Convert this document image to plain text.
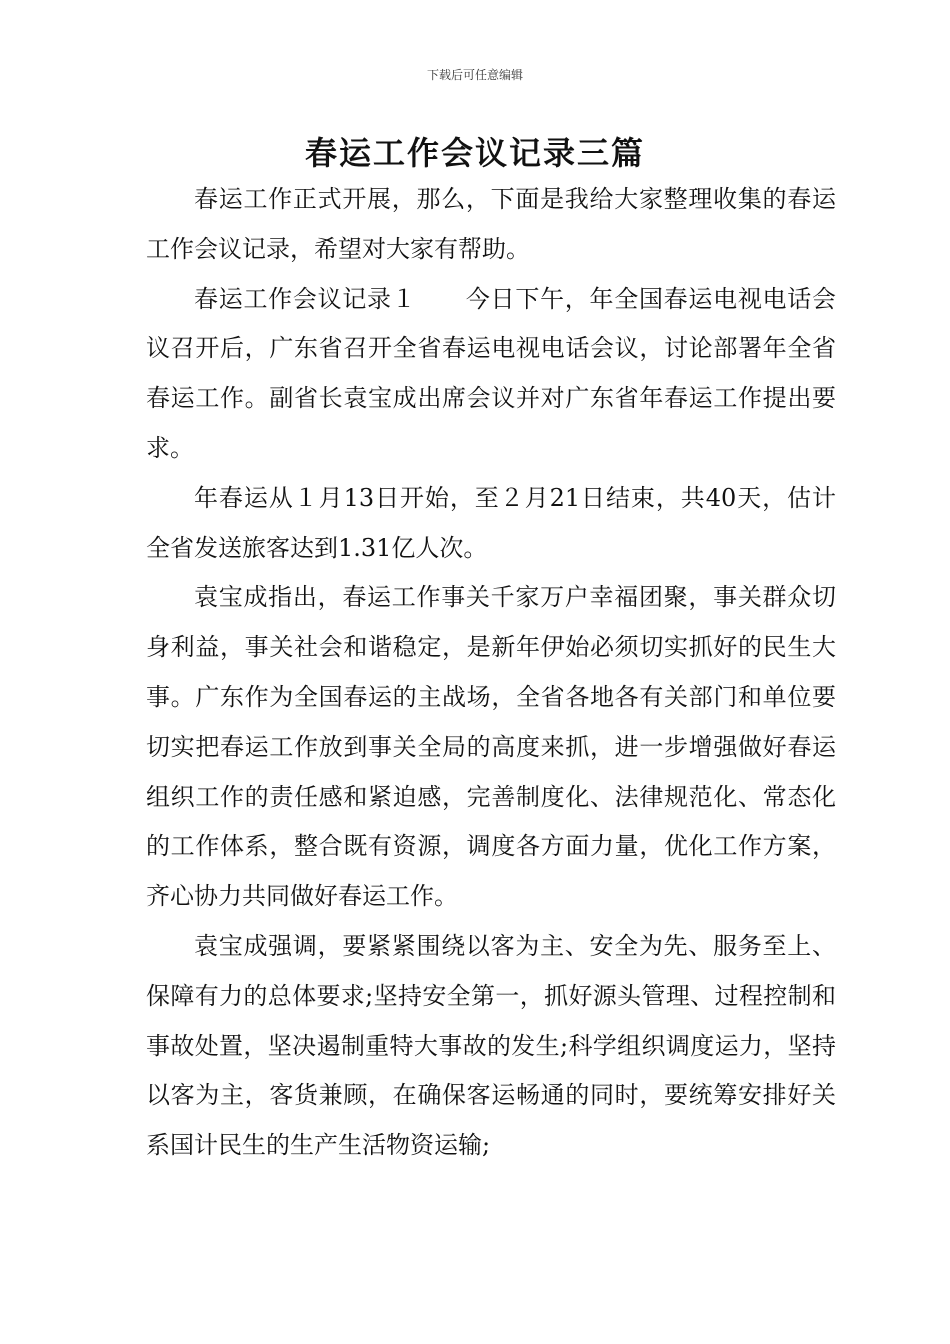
下载后可任意编辑
春运工作会议记录三篇

春运工作正式开展，那么，下面是我给大家整理收集的春运工作会议记录，希望对大家有帮助。

春运工作会议记录１　　今日下午，年全国春运电视电话会议召开后，广东省召开全省春运电视电话会议，讨论部署年全省春运工作。副省长袁宝成出席会议并对广东省年春运工作提出要求。

年春运从１月13日开始，至２月21日结束，共40天，估计全省发送旅客达到1.31亿人次。

袁宝成指出，春运工作事关千家万户幸福团聚，事关群众切身利益，事关社会和谐稳定，是新年伊始必须切实抓好的民生大事。广东作为全国春运的主战场，全省各地各有关部门和单位要切实把春运工作放到事关全局的高度来抓，进一步增强做好春运组织工作的责任感和紧迫感，完善制度化、法律规范化、常态化的工作体系，整合既有资源，调度各方面力量，优化工作方案，齐心协力共同做好春运工作。

袁宝成强调，要紧紧围绕以客为主、安全为先、服务至上、保障有力的总体要求;坚持安全第一，抓好源头管理、过程控制和事故处置，坚决遏制重特大事故的发生;科学组织调度运力，坚持以客为主，客货兼顾，在确保客运畅通的同时，要统筹安排好关系国计民生的生产生活物资运输;
